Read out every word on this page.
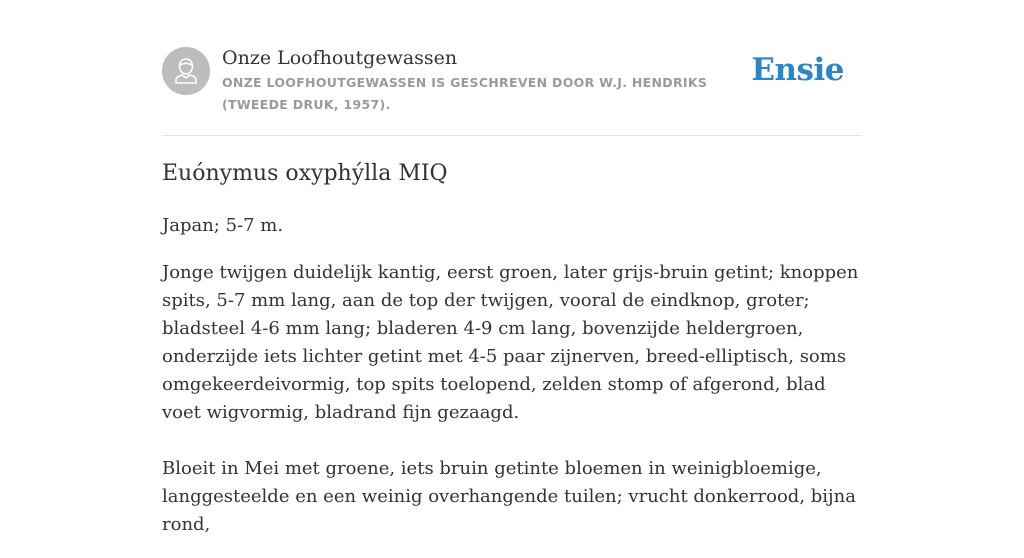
Onze Loofhoutgewassen
ONZE LOOFHOUTGEWASSEN IS GESCHREVEN DOOR W.J. HENDRIKS (TWEEDE DRUK, 1957).
Ensie
Euónymus oxyphýlla MIQ

Japan; 5-7 m.

Jonge twijgen duidelijk kantig, eerst groen, later grijs-bruin getint; knoppen spits, 5-7 mm lang, aan de top der twijgen, vooral de eindknop, groter; bladsteel 4-6 mm lang; bladeren 4-9 cm lang, bovenzijde heldergroen, onderzijde iets lichter getint met 4-5 paar zijnerven, breed-elliptisch, soms omgekeerdeivormig, top spits toelopend, zelden stomp of afgerond, blad voet wigvormig, bladrand fijn gezaagd.

Bloeit in Mei met groene, iets bruin getinte bloemen in weinigbloemige, langgesteelde en een weinig overhangende tuilen; vrucht donkerrood, bijna rond,
